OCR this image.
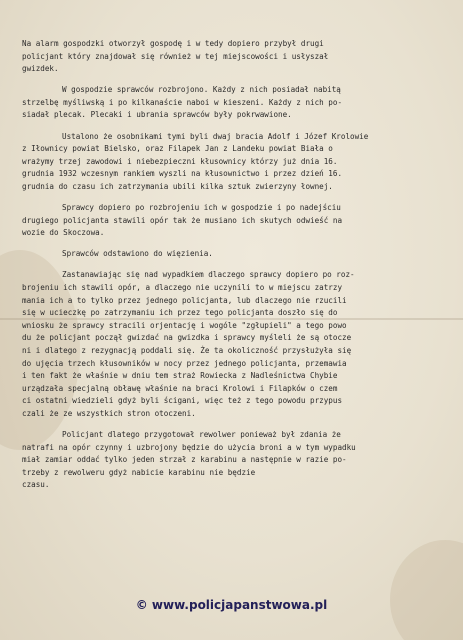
Na alarm gospodzki otworzył gospodę i w tedy dopiero przybył drugi
policjant który znajdował się również w tej miejscowości i usłyszał
gwizdek.
W gospodzie sprawców rozbrojono. Każdy z nich posiadał nabitą
strzelbę myśliwską i po kilkanaście naboi w kieszeni. Każdy z nich po-
siadał plecak. Plecaki i ubrania sprawców były pokrwawione.
Ustalono że osobnikami tymi byli dwaj bracia Adolf i Józef Krolowie
z Iłownicy powiat Bielsko, oraz Filapek Jan z Landeku powiat Biała o
wrażymy trzej zawodowi i niebezpieczni kłusownicy którzy już dnia 16.
grudnia 1932 wczesnym rankiem wyszli na kłusownictwo i przez dzień 16.
grudnia do czasu ich zatrzymania ubili kilka sztuk zwierzyny łownej.
Sprawcy dopiero po rozbrojeniu ich w gospodzie i po nadejściu
drugiego policjanta stawili opór tak że musiano ich skutych odwieść na
wozie do Skoczowa.
Sprawców odstawiono do więzienia.
Zastanawiając się nad wypadkiem dlaczego sprawcy dopiero po roz-
brojeniu ich stawili opór, a dlaczego nie uczynili to w miejscu zatrzy
mania ich a to tylko przez jednego policjanta, lub dlaczego nie rzucili
się w ucieczkę po zatrzymaniu ich przez tego policjanta doszło się do
wniosku że sprawcy stracili orjentację i wogóle "zgłupieli" a tego powo
du że policjant począł gwizdać na gwizdka i sprawcy myśleli że są otocze
ni i dlatego z rezygnacją poddali się. Że ta okoliczność przysłużyła się
do ujęcia trzech kłusowników w nocy przez jednego policjanta, przemawia
i ten fakt że właśnie w dniu tem straż Rowiecka z Nadleśnictwa Chybie
urządzała specjalną obławę właśnie na braci Krolowi i Filapków o czem
ci ostatni wiedzieli gdyż byli ścigani, więc też z tego powodu przypus
czali że ze wszystkich stron otoczeni.
Policjant dlatego przygotował rewolwer ponieważ był zdania że
natrafi na opór czynny i uzbrojony będzie do użycia broni a w tym wypadku
miał zamiar oddać tylko jeden strzał z karabinu a następnie w razie po-
trzeby z rewolweru gdyż nabicie karabinu nie będzie
czasu.
© www.policjapanstwowa.pl
